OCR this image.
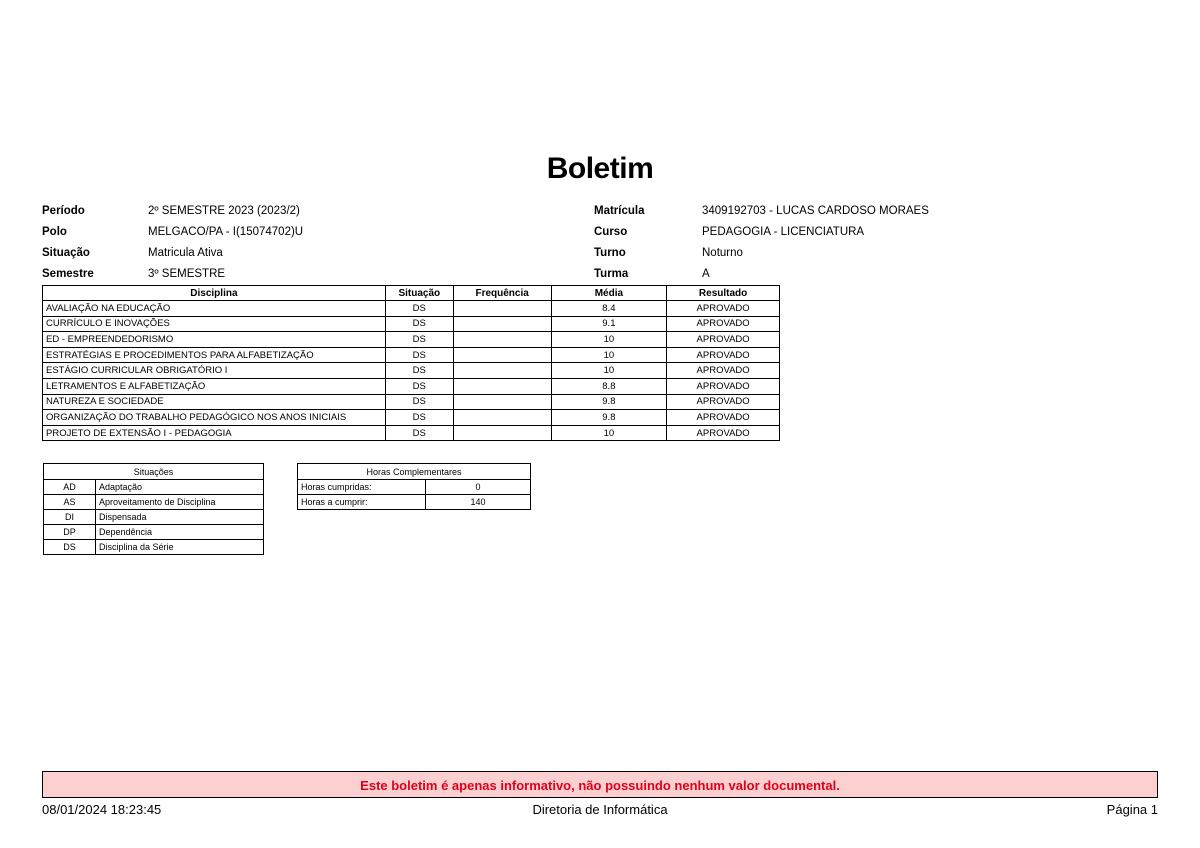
Boletim
Período	2º SEMESTRE 2023 (2023/2)
Polo	MELGACO/PA - I(15074702)U
Situação	Matricula Ativa
Semestre	3º SEMESTRE
Matrícula	3409192703 - LUCAS CARDOSO MORAES
Curso	PEDAGOGIA - LICENCIATURA
Turno	Noturno
Turma	A
Disciplina	Situação	Frequência	Média	Resultado
AVALIAÇÃO NA EDUCAÇÃO	DS		8.4	APROVADO
CURRÍCULO E INOVAÇÕES	DS		9.1	APROVADO
ED - EMPREENDEDORISMO	DS		10	APROVADO
ESTRATÉGIAS E PROCEDIMENTOS PARA ALFABETIZAÇÃO	DS		10	APROVADO
ESTÁGIO CURRICULAR OBRIGATÓRIO I	DS		10	APROVADO
LETRAMENTOS E ALFABETIZAÇÃO	DS		8.8	APROVADO
NATUREZA E SOCIEDADE	DS		9.8	APROVADO
ORGANIZAÇÃO DO TRABALHO PEDAGÓGICO NOS ANOS INICIAIS	DS		9.8	APROVADO
PROJETO DE EXTENSÃO I - PEDAGOGIA	DS		10	APROVADO
Situações	
AD	Adaptação
AS	Aproveitamento de Disciplina
DI	Dispensada
DP	Dependência
DS	Disciplina da Série
Horas Complementares	
Horas cumpridas:	0
Horas a cumprir:	140
Este boletim é apenas informativo, não possuindo nenhum valor documental.
08/01/2024 18:23:45	Diretoria de Informática	Página 1
